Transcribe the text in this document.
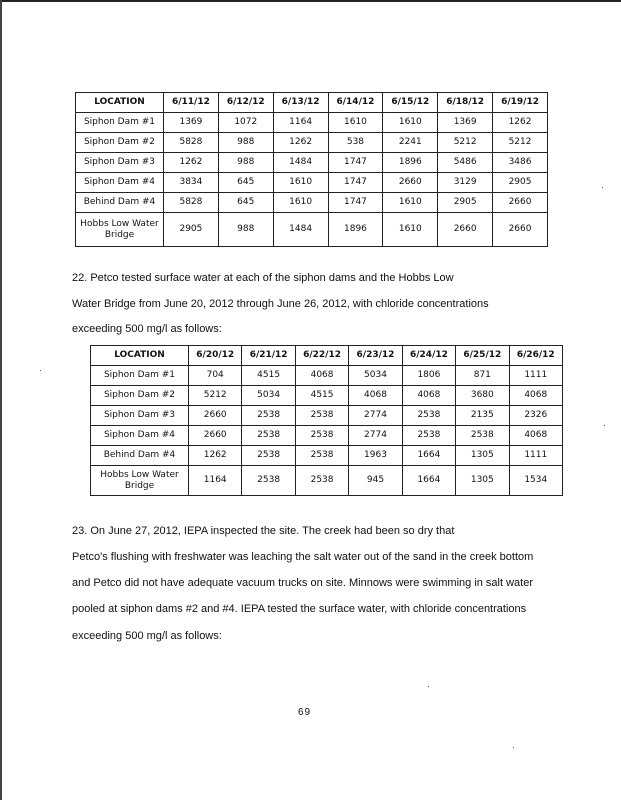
LOCATION	6/11/12	6/12/12	6/13/12	6/14/12	6/15/12	6/18/12	6/19/12
Siphon Dam #1	1369	1072	1164	1610	1610	1369	1262
Siphon Dam #2	5828	988	1262	538	2241	5212	5212
Siphon Dam #3	1262	988	1484	1747	1896	5486	3486
Siphon Dam #4	3834	645	1610	1747	2660	3129	2905
Behind Dam #4	5828	645	1610	1747	1610	2905	2660
Hobbs Low Water Bridge	2905	988	1484	1896	1610	2660	2660

22. Petco tested surface water at each of the siphon dams and the Hobbs Low

Water Bridge from June 20, 2012 through June 26, 2012, with chloride concentrations

exceeding 500 mg/l as follows:

LOCATION	6/20/12	6/21/12	6/22/12	6/23/12	6/24/12	6/25/12	6/26/12
Siphon Dam #1	704	4515	4068	5034	1806	871	1111
Siphon Dam #2	5212	5034	4515	4068	4068	3680	4068
Siphon Dam #3	2660	2538	2538	2774	2538	2135	2326
Siphon Dam #4	2660	2538	2538	2774	2538	2538	4068
Behind Dam #4	1262	2538	2538	1963	1664	1305	1111
Hobbs Low Water Bridge	1164	2538	2538	945	1664	1305	1534

23. On June 27, 2012, IEPA inspected the site. The creek had been so dry that

Petco's flushing with freshwater was leaching the salt water out of the sand in the creek bottom

and Petco did not have adequate vacuum trucks on site. Minnows were swimming in salt water

pooled at siphon dams #2 and #4. IEPA tested the surface water, with chloride concentrations

exceeding 500 mg/l as follows:

69
